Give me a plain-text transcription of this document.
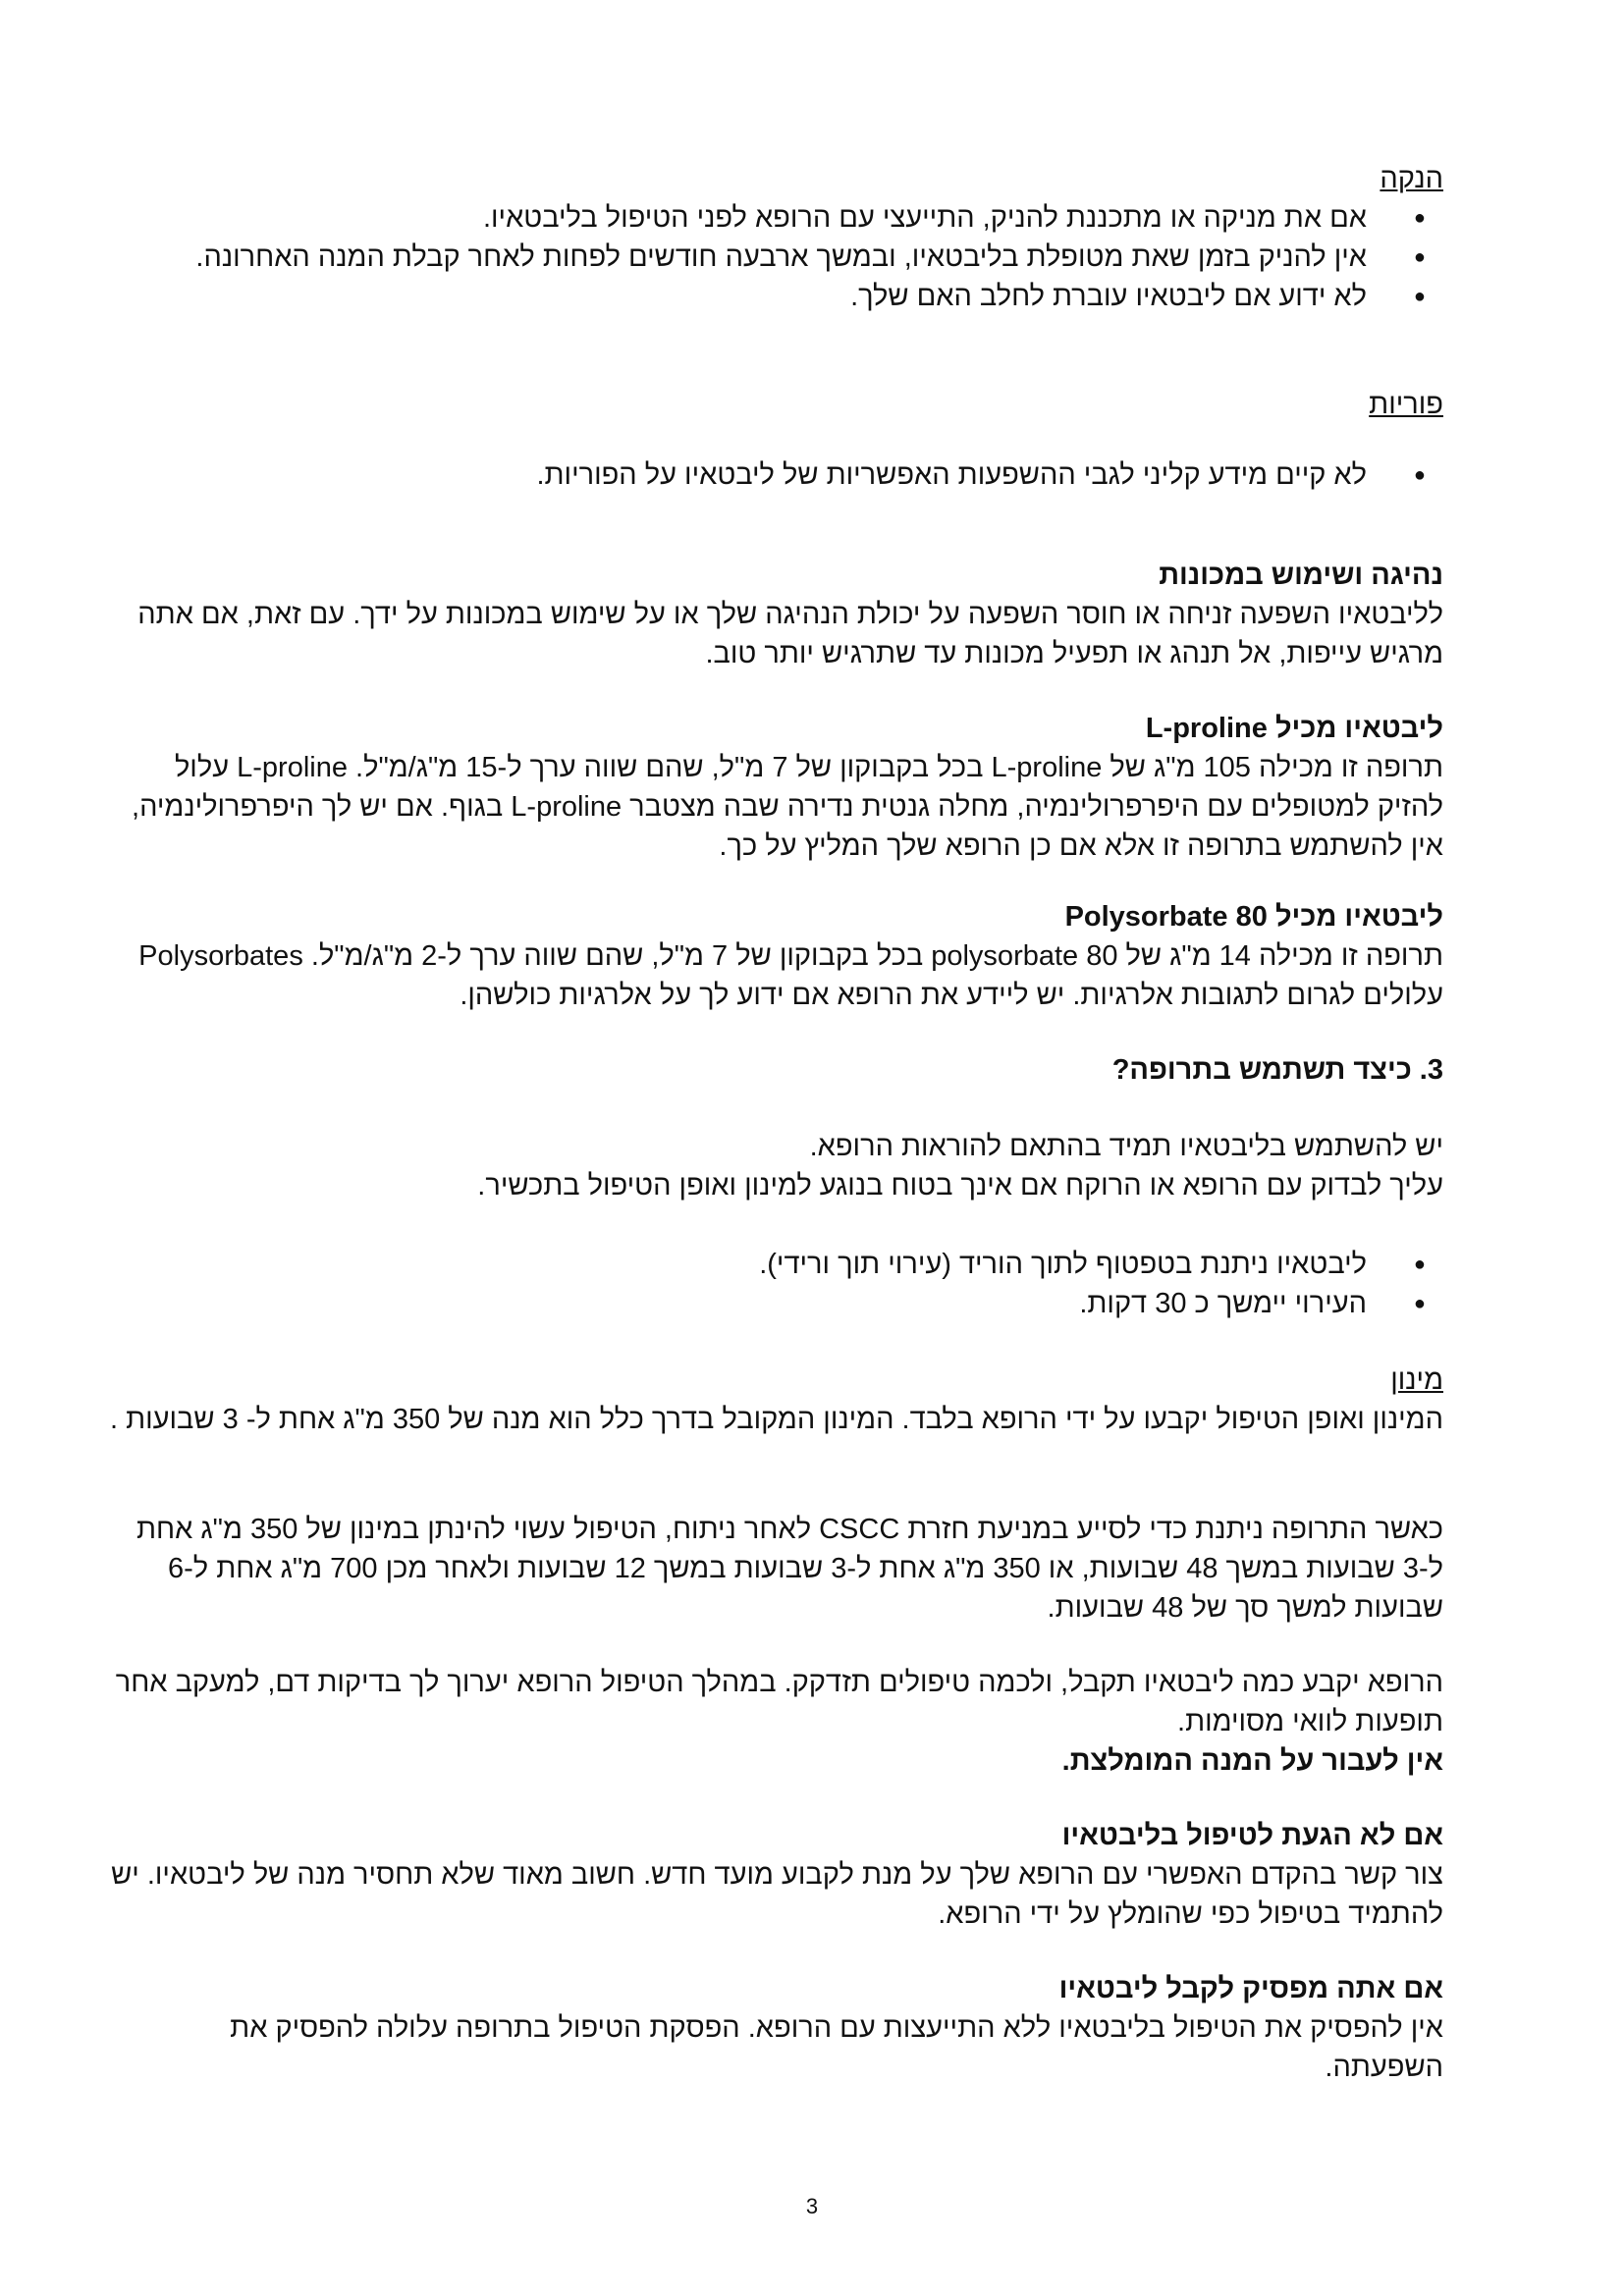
הנקה

● אם את מניקה או מתכננת להניק, התייעצי עם הרופא לפני הטיפול בליבטאיו.
● אין להניק בזמן שאת מטופלת בליבטאיו, ובמשך ארבעה חודשים לפחות לאחר קבלת המנה האחרונה.
● לא ידוע אם ליבטאיו עוברת לחלב האם שלך.

פוריות

● לא קיים מידע קליני לגבי ההשפעות האפשריות של ליבטאיו על הפוריות.

נהיגה ושימוש במכונות

לליבטאיו השפעה זניחה או חוסר השפעה על יכולת הנהיגה שלך או על שימוש במכונות על ידך. עם זאת, אם אתה מרגיש עייפות, אל תנהג או תפעיל מכונות עד שתרגיש יותר טוב.

ליבטאיו מכיל L-proline

תרופה זו מכילה 105 מ"ג של L-proline בכל בקבוקון של 7 מ"ל, שהם שווה ערך ל-15 מ"ג/מ"ל. L-proline עלול להזיק למטופלים עם היפרפרולינמיה, מחלה גנטית נדירה שבה מצטבר L-proline בגוף. אם יש לך היפרפרולינמיה, אין להשתמש בתרופה זו אלא אם כן הרופא שלך המליץ על כך.

ליבטאיו מכיל Polysorbate 80

תרופה זו מכילה 14 מ"ג של polysorbate 80 בכל בקבוקון של 7 מ"ל, שהם שווה ערך ל-2 מ"ג/מ"ל. Polysorbates עלולים לגרום לתגובות אלרגיות. יש ליידע את הרופא אם ידוע לך על אלרגיות כולשהן.

3. כיצד תשתמש בתרופה?

יש להשתמש בליבטאיו תמיד בהתאם להוראות הרופא.

עליך לבדוק עם הרופא או הרוקח אם אינך בטוח בנוגע למינון ואופן הטיפול בתכשיר.

● ליבטאיו ניתנת בטפטוף לתוך הוריד (עירוי תוך ורידי).
● העירוי יימשך כ 30 דקות.

מינון

המינון ואופן הטיפול יקבעו על ידי הרופא בלבד. המינון המקובל בדרך כלל הוא מנה של 350 מ"ג אחת ל- 3 שבועות .

כאשר התרופה ניתנת כדי לסייע במניעת חזרת CSCC לאחר ניתוח, הטיפול עשוי להינתן במינון של 350 מ"ג אחת ל-3 שבועות במשך 48 שבועות, או 350 מ"ג אחת ל-3 שבועות במשך 12 שבועות ולאחר מכן 700 מ"ג אחת ל-6 שבועות למשך סך של 48 שבועות.

הרופא יקבע כמה ליבטאיו תקבל, ולכמה טיפולים תזדקק. במהלך הטיפול הרופא יערוך לך בדיקות דם, למעקב אחר תופעות לוואי מסוימות.

אין לעבור על המנה המומלצת.

אם לא הגעת לטיפול בליבטאיו

צור קשר בהקדם האפשרי עם הרופא שלך על מנת לקבוע מועד חדש. חשוב מאוד שלא תחסיר מנה של ליבטאיו. יש להתמיד בטיפול כפי שהומלץ על ידי הרופא.

אם אתה מפסיק לקבל ליבטאיו

אין להפסיק את הטיפול בליבטאיו ללא התייעצות עם הרופא. הפסקת הטיפול בתרופה עלולה להפסיק את השפעתה.

3
